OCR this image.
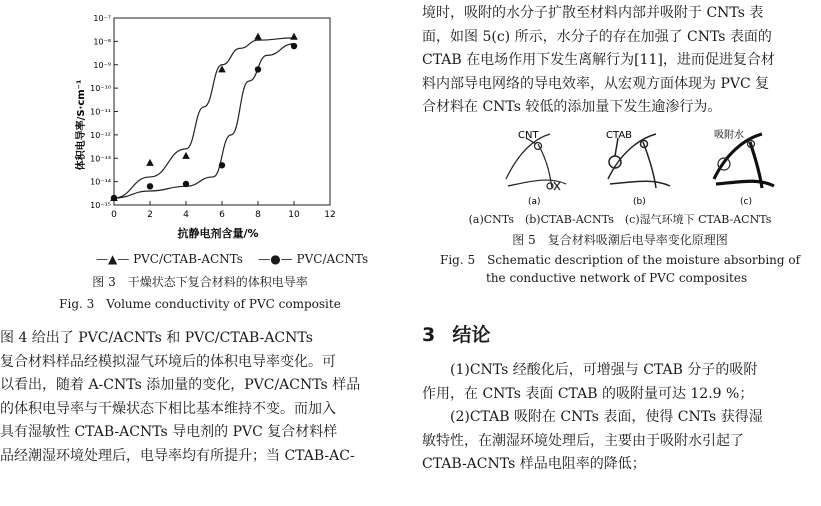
0	2	4	6	8	10	12
10⁻¹⁵
10⁻¹⁴
10⁻¹³
10⁻¹²
10⁻¹¹
10⁻¹⁰
10⁻⁹
10⁻⁸
10⁻⁷
体积电导率/S·cm⁻¹
抗静电剂含量/%
—▲— PVC/CTAB-ACNTs —●— PVC/ACNTs

图 3　干燥状态下复合材料的体积电导率

Fig. 3　Volume conductivity of PVC composite

图 4 给出了 PVC/ACNTs 和 PVC/CTAB-ACNTs

复合材料样品经模拟湿气环境后的体积电导率变化。可

以看出，随着 A-CNTs 添加量的变化，PVC/ACNTs 样品

的体积电导率与干燥状态下相比基本维持不变。而加入

具有湿敏性 CTAB-ACNTs 导电剂的 PVC 复合材料样

品经潮湿环境处理后，电导率均有所提升；当 CTAB-AC-

境时，吸附的水分子扩散至材料内部并吸附于 CNTs 表

面，如图 5(c) 所示，水分子的存在加强了 CNTs 表面的

CTAB 在电场作用下发生离解行为[11]，进而促进复合材

料内部导电网络的导电效率，从宏观方面体现为 PVC 复

合材料在 CNTs 较低的添加量下发生逾渗行为。

CNT
(a)
CTAB
(b)
吸附水
(c)

(a)CNTs　(b)CTAB-ACNTs　(c)湿气环境下 CTAB-ACNTs

图 5　复合材料吸潮后电导率变化原理图

Fig. 5　Schematic description of the moisture absorbing of

the conductive network of PVC composites

3 结论

(1)CNTs 经酸化后，可增强与 CTAB 分子的吸附

作用，在 CNTs 表面 CTAB 的吸附量可达 12.9 %；

(2)CTAB 吸附在 CNTs 表面，使得 CNTs 获得湿

敏特性，在潮湿环境处理后，主要由于吸附水引起了

CTAB-ACNTs 样品电阻率的降低；
